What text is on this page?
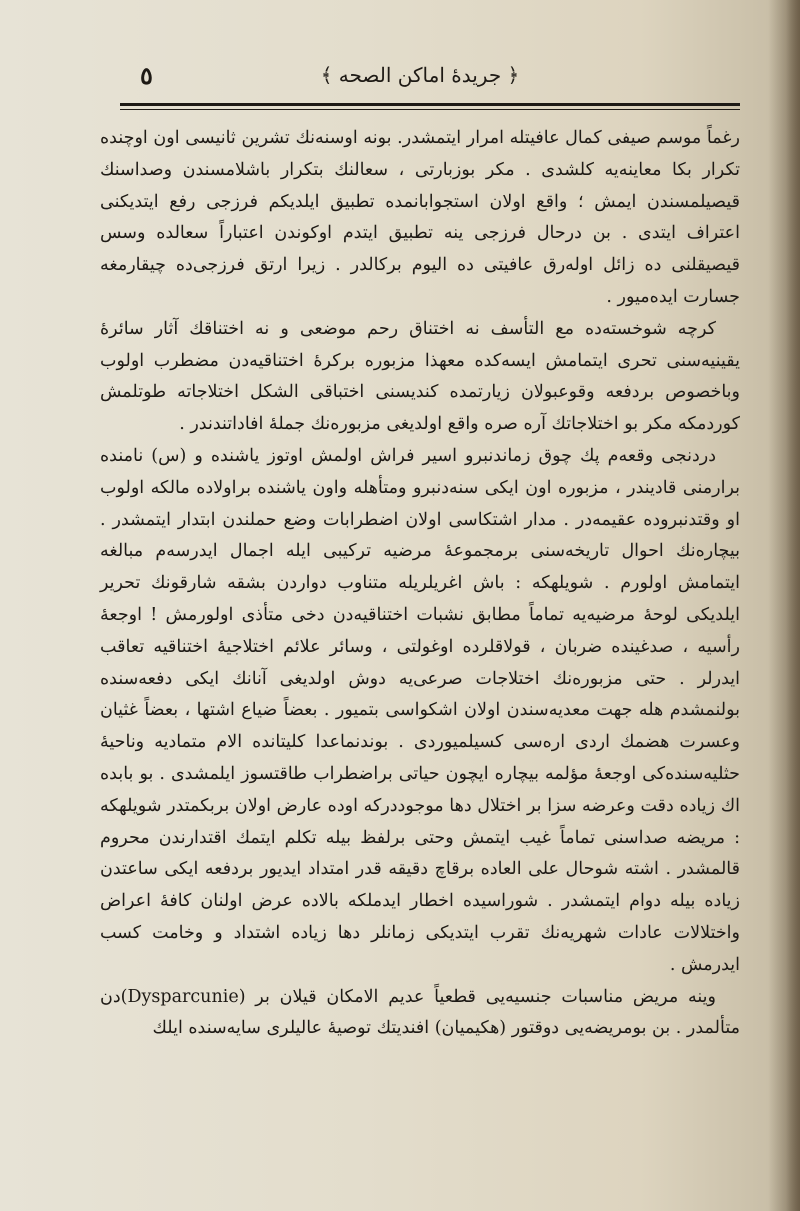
﴿ جريدهٔ اماكن الصحه ﴾
٥

رغماً موسم صيفى كمال عافيتله امرار ايتمشدر. بونه اوسنه‌نك تشرين ثانيسى اون اوچنده تكرار بكا معاينه‌يه كلشدى . مكر بوزبارتى ، سعالنك بتكرار باشلامسندن وصداسنك قيصيلمسندن ايمش ؛ واقع اولان استجوابانمده تطبيق ايلديكم فرزجى رفع ايتديكنى اعتراف ايتدى . بن درحال فرزجى ينه تطبيق ايتدم اوكوندن اعتباراً سعالده وسس قيصيقلنى ده زائل اوله‌رق عافيتى ده اليوم بركالدر . زيرا ارتق فرزجى‌ده چيقارمغه جسارت ايده‌ميور .

كرچه شوخسته‌ده مع التأسف نه اختناق رحم موضعى و نه اختناقك آثار سائرهٔ يقينيه‌سنى تحرى ايتمامش ايسه‌كده معهذا مزبوره بركرهٔ اختناقيه‌دن مضطرب اولوب وباخصوص بردفعه وقوعبولان زيارتمده كنديسنى اختباقى الشكل اختلاجاته طوتلمش كوردمكه مكر بو اختلاجاتك آره صره واقع اولديغى مزبوره‌نك جملهٔ افاداتندندر .

دردنجى وقعه‌م پك چوق زماندنبرو اسير فراش اولمش اوتوز ياشنده و (س) نامنده برارمنى قاديندر ، مزبوره اون ايكى سنه‌دنبرو ومتأهله واون ياشنده براولاده مالكه اولوب او وقتدنبروده عقيمه‌در . مدار اشتكاسى اولان اضطرابات وضع حملندن ابتدار ايتمشدر . بيچاره‌نك احوال تاريخه‌سنى برمجموعهٔ مرضيه تركيبى ايله اجمال ايدرسه‌م مبالغه ايتمامش اولورم . شويلهكه : باش اغريلريله متناوب دواردن بشقه شارقونك تحرير ايلديكى لوحهٔ مرضيه‌يه تماماً مطابق نشبات اختناقيه‌دن دخى متأذى اولورمش ! اوجعهٔ رأسيه ، صدغينده ضربان ، قولاقلرده اوغولتى ، وسائر علائم اختلاجيهٔ اختناقيه تعاقب ايدرلر . حتى مزبوره‌نك اختلاجات صرعى‌يه دوش اولديغى آنانك ايكى دفعه‌سنده بولنمشدم هله جهت معديه‌سندن اولان اشكواسى بتميور . بعضاً ضياع اشتها ، بعضاً غثيان وعسرت هضمك اردى اره‌سى كسيلميوردى . بوندنماعدا كليتانده الام متماديه وناحيهٔ حثليه‌سنده‌كى اوجعهٔ مؤلمه بيچاره ايچون حياتى براضطراب طاقتسوز ايلمشدى . بو بابده اك زياده دقت وعرضه سزا بر اختلال دها موجوددركه اوده عارض اولان بربكمتدر شويلهكه : مريضه صداسنى تماماً غيب ايتمش وحتى برلفظ بيله تكلم ايتمك اقتدارندن محروم قالمشدر . اشته شوحال على العاده برقاچ دقيقه قدر امتداد ايديور بردفعه ايكى ساعتدن زياده بيله دوام ايتمشدر . شوراسيده اخطار ايدملكه بالاده عرض اولنان كافهٔ اعراض واختلالات عادات شهريه‌نك تقرب ايتديكى زمانلر دها زياده اشتداد و وخامت كسب ايدرمش .

وينه مريض مناسبات جنسيه‌يى قطعياً عديم الامكان قيلان بر (Dysparcunie)دن متألمدر . بن بومريضه‌يى دوقتور (هكيميان) افنديتك توصيهٔ عاليلرى سايه‌سنده ايلك
